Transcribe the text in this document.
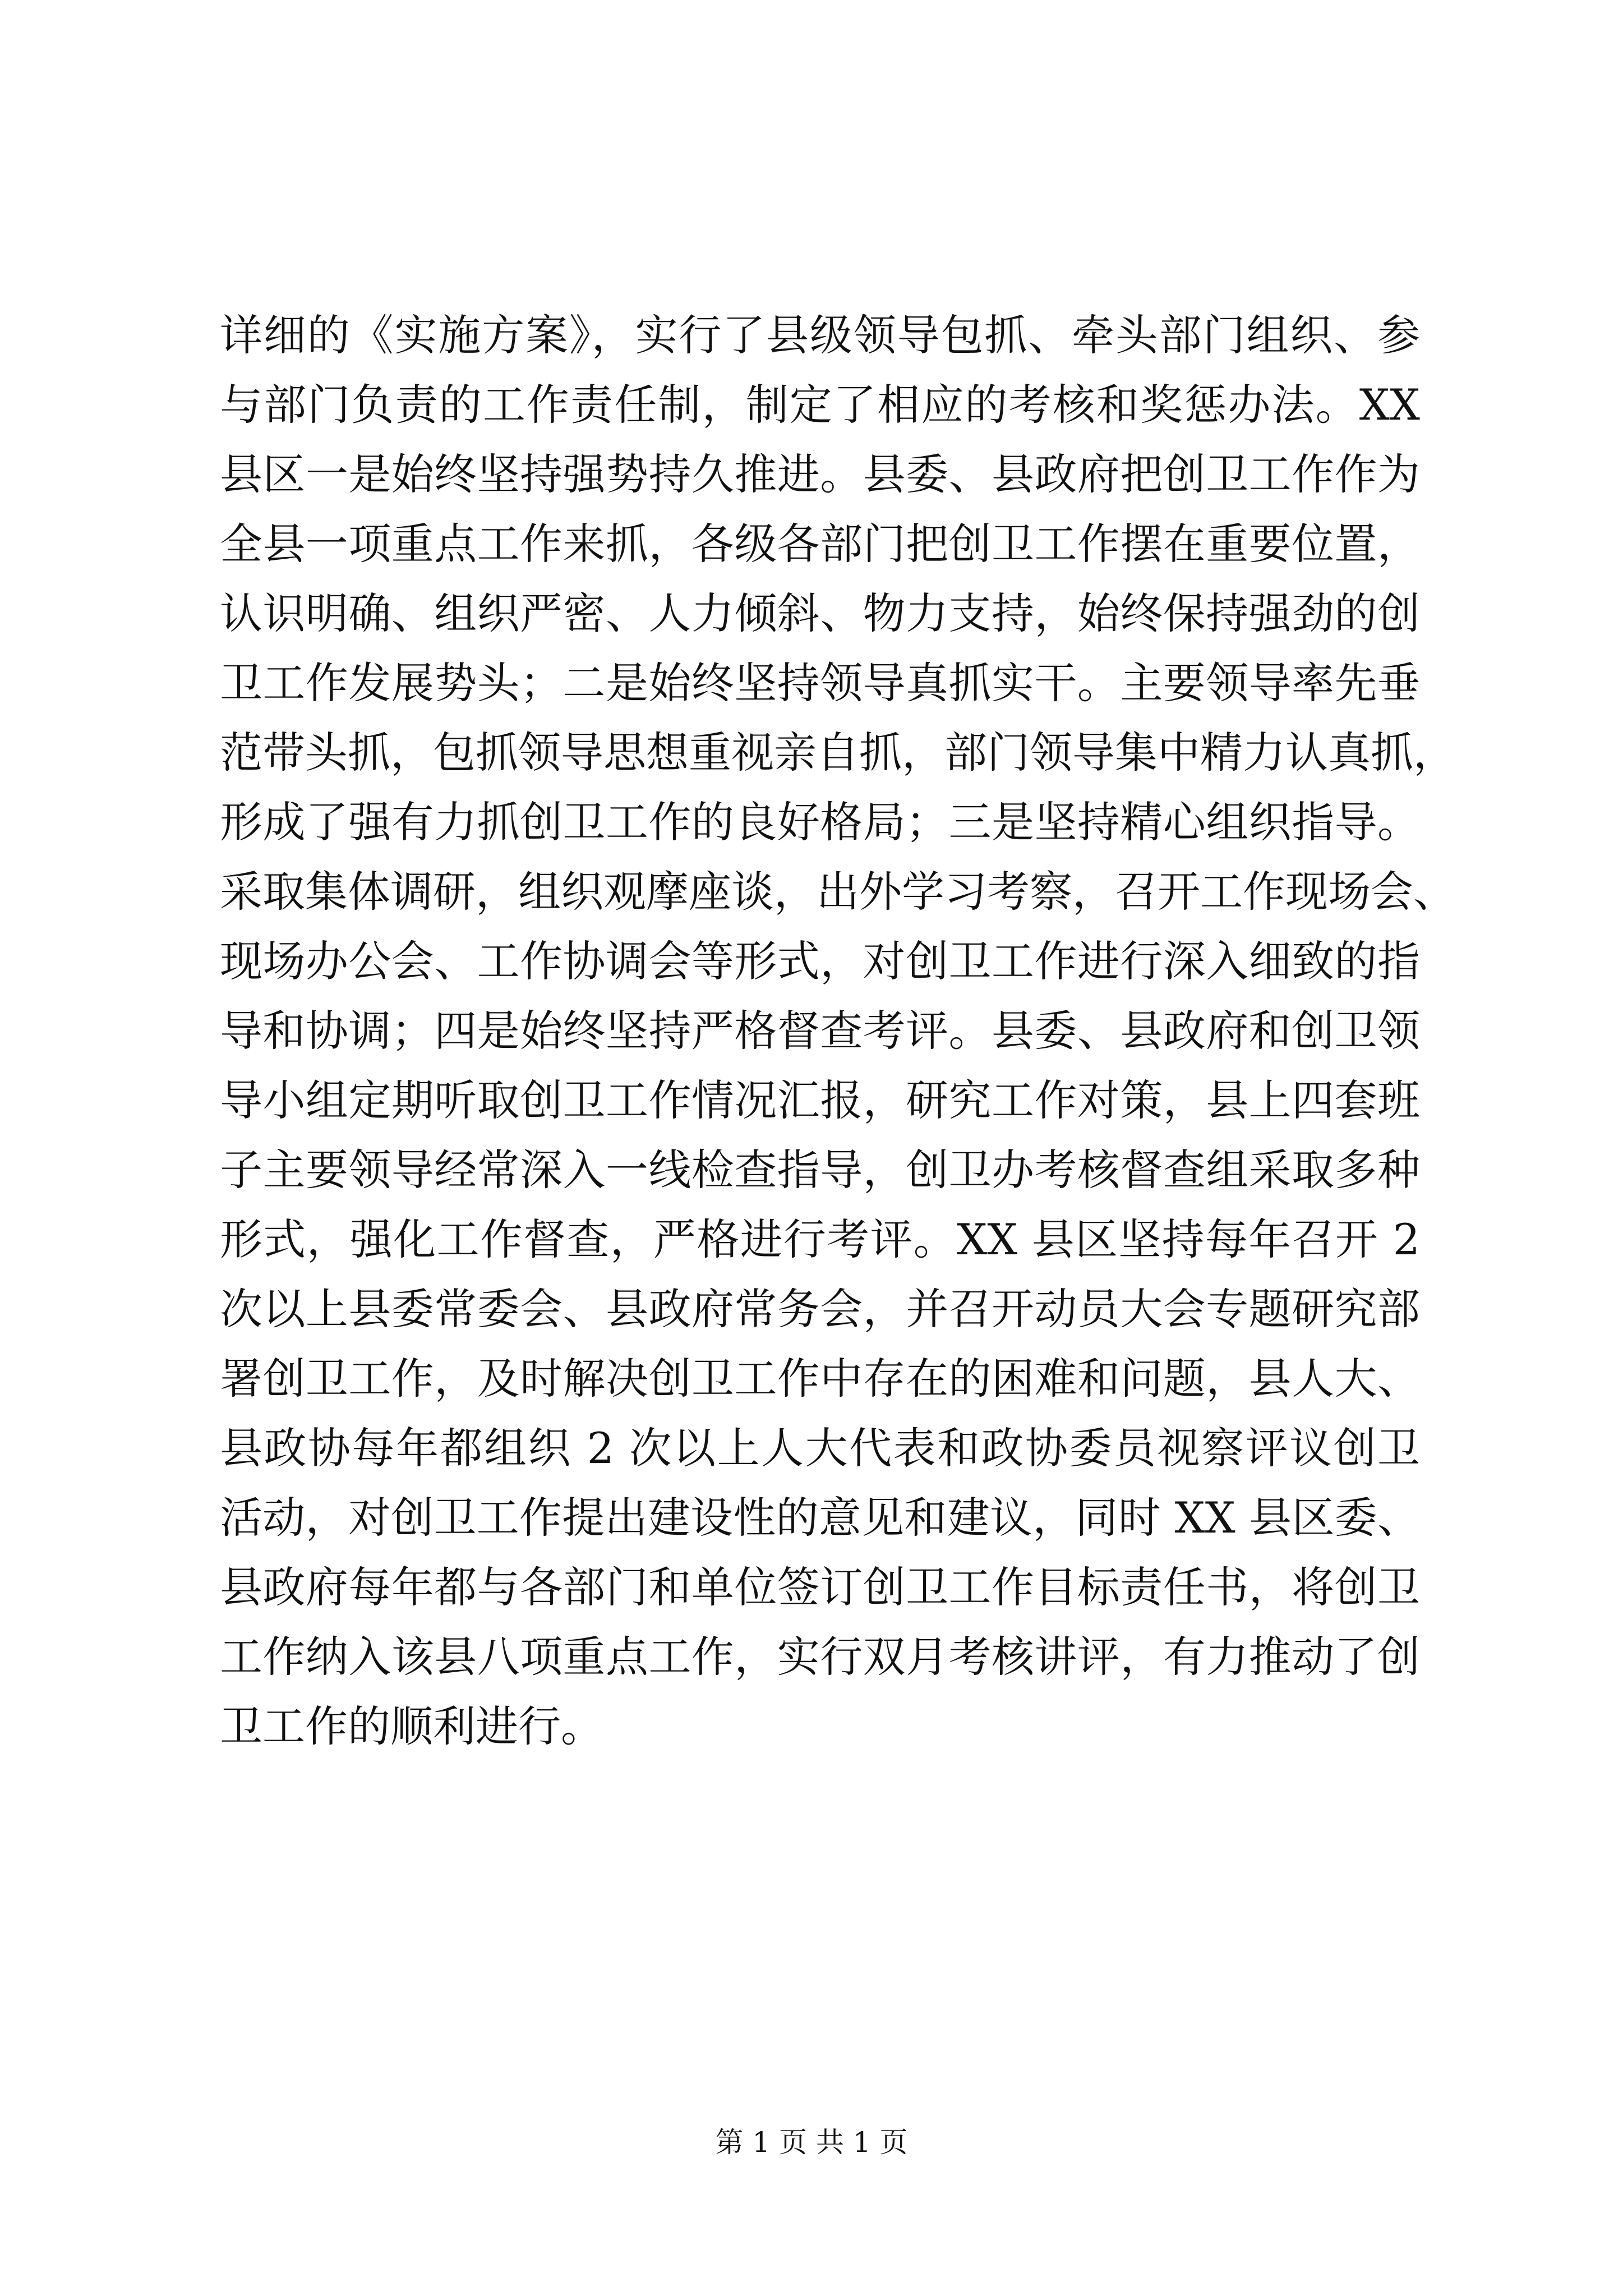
详细的《实施方案》，实行了县级领导包抓、牵头部门组织、参
与部门负责的工作责任制，制定了相应的考核和奖惩办法。XX
县区一是始终坚持强势持久推进。县委、县政府把创卫工作作为
全县一项重点工作来抓，各级各部门把创卫工作摆在重要位置，
认识明确、组织严密、人力倾斜、物力支持，始终保持强劲的创
卫工作发展势头；二是始终坚持领导真抓实干。主要领导率先垂
范带头抓，包抓领导思想重视亲自抓，部门领导集中精力认真抓，
形成了强有力抓创卫工作的良好格局；三是坚持精心组织指导。
采取集体调研，组织观摩座谈，出外学习考察，召开工作现场会、
现场办公会、工作协调会等形式，对创卫工作进行深入细致的指
导和协调；四是始终坚持严格督查考评。县委、县政府和创卫领
导小组定期听取创卫工作情况汇报，研究工作对策，县上四套班
子主要领导经常深入一线检查指导，创卫办考核督查组采取多种
形式，强化工作督查，严格进行考评。XX 县区坚持每年召开 2
次以上县委常委会、县政府常务会，并召开动员大会专题研究部
署创卫工作，及时解决创卫工作中存在的困难和问题，县人大、
县政协每年都组织 2 次以上人大代表和政协委员视察评议创卫
活动，对创卫工作提出建设性的意见和建议，同时 XX 县区委、
县政府每年都与各部门和单位签订创卫工作目标责任书，将创卫
工作纳入该县八项重点工作，实行双月考核讲评，有力推动了创
卫工作的顺利进行。
第 1 页 共 1 页
